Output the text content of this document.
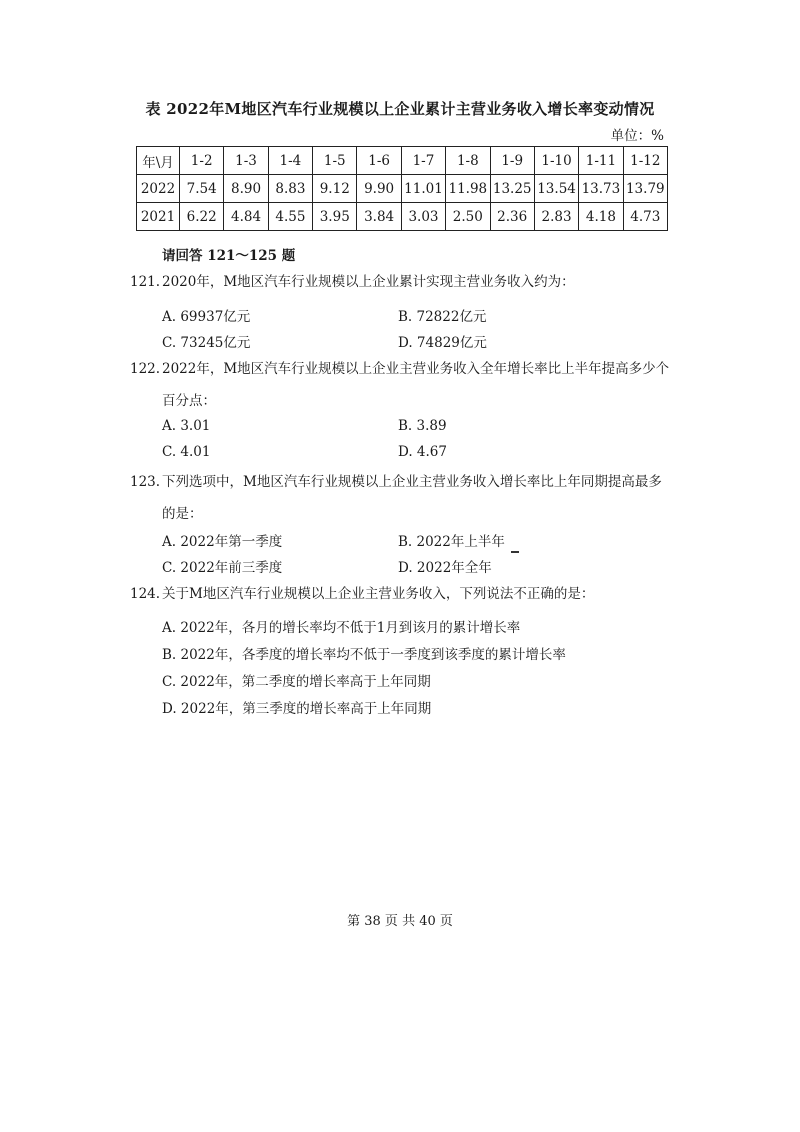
表 2022年M地区汽车行业规模以上企业累计主营业务收入增长率变动情况
单位：%
年\月	1-2	1-3	1-4	1-5	1-6	1-7	1-8	1-9	1-10	1-11	1-12
2022	7.54	8.90	8.83	9.12	9.90	11.01	11.98	13.25	13.54	13.73	13.79
2021	6.22	4.84	4.55	3.95	3.84	3.03	2.50	2.36	2.83	4.18	4.73
请回答 121～125 题
121. 2020年，M地区汽车行业规模以上企业累计实现主营业务收入约为：
A. 69937亿元	B. 72822亿元
C. 73245亿元	D. 74829亿元
122. 2022年，M地区汽车行业规模以上企业主营业务收入全年增长率比上半年提高多少个
百分点：
A. 3.01	B. 3.89
C. 4.01	D. 4.67
123. 下列选项中，M地区汽车行业规模以上企业主营业务收入增长率比上年同期提高最多
的是：
A. 2022年第一季度	B. 2022年上半年
C. 2022年前三季度	D. 2022年全年
124. 关于M地区汽车行业规模以上企业主营业务收入，下列说法不正确的是：
A. 2022年，各月的增长率均不低于1月到该月的累计增长率
B. 2022年，各季度的增长率均不低于一季度到该季度的累计增长率
C. 2022年，第二季度的增长率高于上年同期
D. 2022年，第三季度的增长率高于上年同期
第 38 页 共 40 页
